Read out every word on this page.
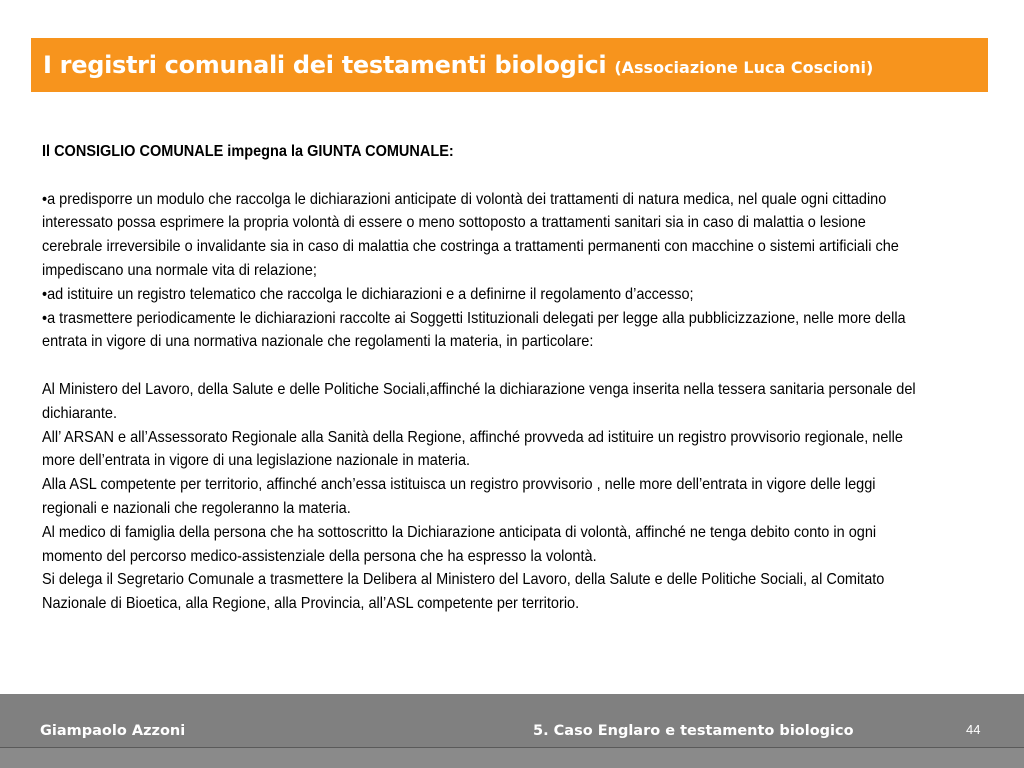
I registri comunali dei testamenti biologici (Associazione Luca Coscioni)

Il CONSIGLIO COMUNALE impegna la GIUNTA COMUNALE:

•a predisporre un modulo che raccolga le dichiarazioni anticipate di volontà dei trattamenti di natura medica, nel quale ogni cittadino interessato possa esprimere la propria volontà di essere o meno sottoposto a trattamenti sanitari sia in caso di malattia o lesione cerebrale irreversibile o invalidante sia in caso di malattia che costringa a trattamenti permanenti con macchine o sistemi artificiali che impediscano una normale vita di relazione;

•ad istituire un registro telematico che raccolga le dichiarazioni e a definirne il regolamento d’accesso;

•a trasmettere periodicamente le dichiarazioni raccolte ai Soggetti Istituzionali delegati per legge alla pubblicizzazione, nelle more della entrata in vigore di una normativa nazionale che regolamenti la materia, in particolare:

Al Ministero del Lavoro, della Salute e delle Politiche Sociali,affinché la dichiarazione venga inserita nella tessera sanitaria personale del dichiarante.

All’ ARSAN e all’Assessorato Regionale alla Sanità della Regione, affinché provveda ad istituire un registro provvisorio regionale, nelle more dell’entrata in vigore di una legislazione nazionale in materia.

Alla ASL competente per territorio, affinché anch’essa istituisca un registro provvisorio , nelle more dell’entrata in vigore delle leggi regionali e nazionali che regoleranno la materia.

Al medico di famiglia della persona che ha sottoscritto la Dichiarazione anticipata di volontà, affinché ne tenga debito conto in ogni momento del percorso medico-assistenziale della persona che ha espresso la volontà.

Si delega il Segretario Comunale a trasmettere la Delibera al Ministero del Lavoro, della Salute e delle Politiche Sociali, al Comitato Nazionale di Bioetica, alla Regione, alla Provincia, all’ASL competente per territorio.

Giampaolo Azzoni	5. Caso Englaro e testamento biologico	44
